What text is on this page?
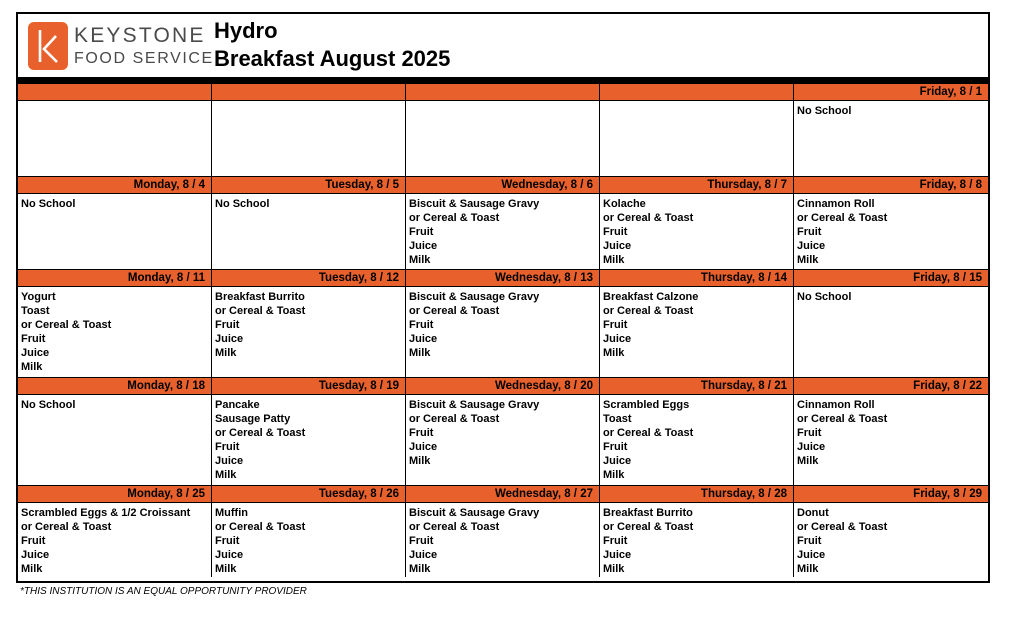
KEYSTONE
FOOD SERVICE
Hydro
Breakfast August 2025
Friday, 8 / 1
No School
Monday, 8 / 4
No School
Tuesday, 8 / 5
No School
Wednesday, 8 / 6
Biscuit & Sausage Gravy
or Cereal & Toast
Fruit
Juice
Milk
Thursday, 8 / 7
Kolache
or Cereal & Toast
Fruit
Juice
Milk
Friday, 8 / 8
Cinnamon Roll
or Cereal & Toast
Fruit
Juice
Milk
Monday, 8 / 11
Yogurt
Toast
or Cereal & Toast
Fruit
Juice
Milk
Tuesday, 8 / 12
Breakfast Burrito
or Cereal & Toast
Fruit
Juice
Milk
Wednesday, 8 / 13
Biscuit & Sausage Gravy
or Cereal & Toast
Fruit
Juice
Milk
Thursday, 8 / 14
Breakfast Calzone
or Cereal & Toast
Fruit
Juice
Milk
Friday, 8 / 15
No School
Monday, 8 / 18
No School
Tuesday, 8 / 19
Pancake
Sausage Patty
or Cereal & Toast
Fruit
Juice
Milk
Wednesday, 8 / 20
Biscuit & Sausage Gravy
or Cereal & Toast
Fruit
Juice
Milk
Thursday, 8 / 21
Scrambled Eggs
Toast
or Cereal & Toast
Fruit
Juice
Milk
Friday, 8 / 22
Cinnamon Roll
or Cereal & Toast
Fruit
Juice
Milk
Monday, 8 / 25
Scrambled Eggs & 1/2 Croissant
or Cereal & Toast
Fruit
Juice
Milk
Tuesday, 8 / 26
Muffin
or Cereal & Toast
Fruit
Juice
Milk
Wednesday, 8 / 27
Biscuit & Sausage Gravy
or Cereal & Toast
Fruit
Juice
Milk
Thursday, 8 / 28
Breakfast Burrito
or Cereal & Toast
Fruit
Juice
Milk
Friday, 8 / 29
Donut
or Cereal & Toast
Fruit
Juice
Milk
*THIS INSTITUTION IS AN EQUAL OPPORTUNITY PROVIDER
